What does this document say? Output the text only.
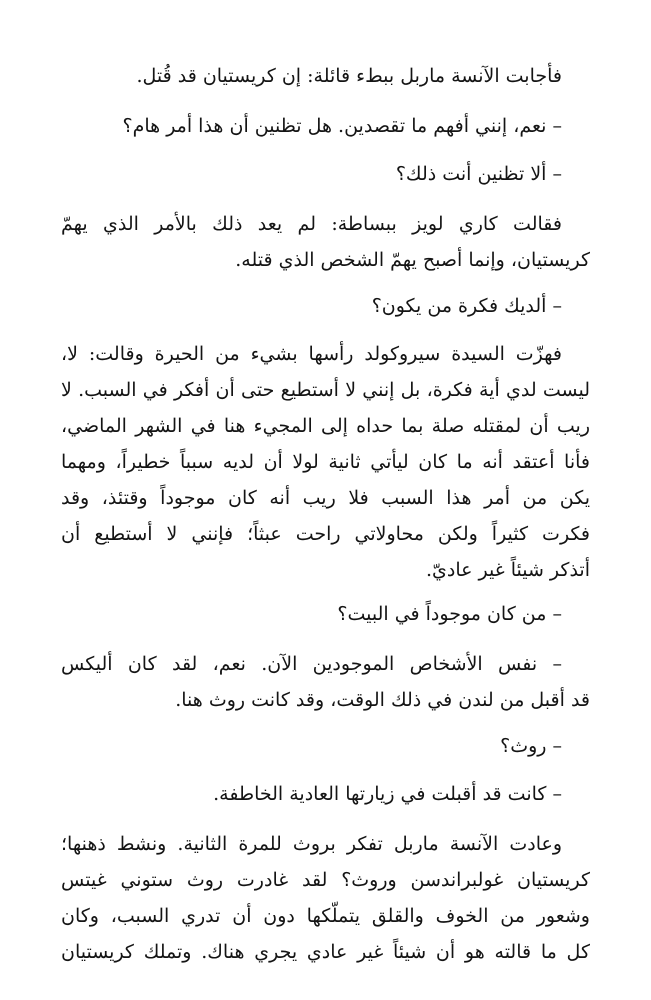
فأجابت الآنسة ماربل ببطء قائلة: إن كريستيان قد قُتل.
– نعم، إنني أفهم ما تقصدين. هل تظنين أن هذا أمر هام؟
– ألا تظنين أنت ذلك؟
فقالت كاري لويز ببساطة: لم يعد ذلك بالأمر الذي يهمّ
كريستيان، وإنما أصبح يهمّ الشخص الذي قتله.
– ألديك فكرة من يكون؟
فهزّت السيدة سيروكولد رأسها بشيء من الحيرة وقالت: لا،
ليست لدي أية فكرة، بل إنني لا أستطيع حتى أن أفكر في السبب. لا
ريب أن لمقتله صلة بما حداه إلى المجيء هنا في الشهر الماضي،
فأنا أعتقد أنه ما كان ليأتي ثانية لولا أن لديه سبباً خطيراً، ومهما
يكن من أمر هذا السبب فلا ريب أنه كان موجوداً وقتئذ، وقد
فكرت كثيراً ولكن محاولاتي راحت عبثاً؛ فإنني لا أستطيع أن
أتذكر شيئاً غير عاديّ.
– من كان موجوداً في البيت؟
– نفس الأشخاص الموجودين الآن. نعم، لقد كان أليكس
قد أقبل من لندن في ذلك الوقت، وقد كانت روث هنا.
– روث؟
– كانت قد أقبلت في زيارتها العادية الخاطفة.
وعادت الآنسة ماربل تفكر بروث للمرة الثانية. ونشط ذهنها؛
كريستيان غولبراندسن وروث؟ لقد غادرت روث ستوني غيتس
وشعور من الخوف والقلق يتملّكها دون أن تدري السبب، وكان
كل ما قالته هو أن شيئاً غير عادي يجري هناك. وتملك كريستيان
